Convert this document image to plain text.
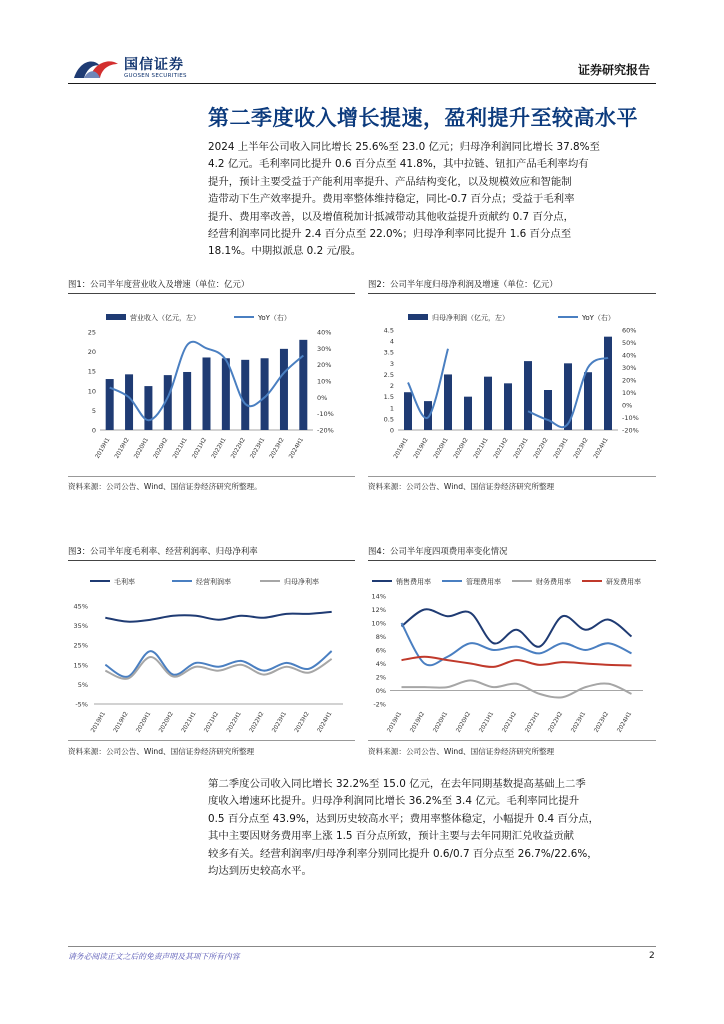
国信证券
GUOSEN SECURITIES	证券研究报告
第二季度收入增长提速，盈利提升至较高水平

2024 上半年公司收入同比增长 25.6%至 23.0 亿元；归母净利润同比增长 37.8%至

4.2 亿元。毛利率同比提升 0.6 百分点至 41.8%，其中拉链、钮扣产品毛利率均有

提升，预计主要受益于产能利用率提升、产品结构变化，以及规模效应和智能制

造带动下生产效率提升。费用率整体维持稳定，同比-0.7 百分点；受益于毛利率

提升、费用率改善，以及增值税加计抵减带动其他收益提升贡献约 0.7 百分点，

经营利润率同比提升 2.4 百分点至 22.0%；归母净利率同比提升 1.6 百分点至

18.1%。中期拟派息 0.2 元/股。

图1：公司半年度营业收入及增速（单位：亿元）
营业收入（亿元，左）	YoY（右）
0
5
10
15
20
25	40%
30%
20%
10%
0%
-10%
-20%
2019H1 2019H2 2020H1 2020H2 2021H1 2021H2 2022H1 2022H2 2023H1 2023H2 2024H1
资料来源：公司公告、Wind、国信证券经济研究所整理。
图2：公司半年度归母净利润及增速（单位：亿元）
归母净利润（亿元，左）	YoY（右）
0
0.5
1
1.5
2
2.5
3
3.5
4
4.5	60%
50%
40%
30%
20%
10%
0%
-10%
-20%
2019H1 2019H2 2020H1 2020H2 2021H1 2021H2 2022H1 2022H2 2023H1 2023H2 2024H1
资料来源：公司公告、Wind、国信证券经济研究所整理
图3：公司半年度毛利率、经营利润率、归母净利率
毛利率	经营利润率	归母净利率
45%
35%
25%
15%
5%
-5%
2019H1 2019H2 2020H1 2020H2 2021H1 2021H2 2022H1 2022H2 2023H1 2023H2 2024H1
资料来源：公司公告、Wind、国信证券经济研究所整理
图4：公司半年度四项费用率变化情况
销售费用率	管理费用率	财务费用率	研发费用率
14%
12%
10%
8%
6%
4%
2%
0%
-2%
2019H1 2019H2 2020H1 2020H2 2021H1 2021H2 2022H1 2022H2 2023H1 2023H2 2024H1
资料来源：公司公告、Wind、国信证券经济研究所整理

第二季度公司收入同比增长 32.2%至 15.0 亿元，在去年同期基数提高基础上二季

度收入增速环比提升。归母净利润同比增长 36.2%至 3.4 亿元。毛利率同比提升

0.5 百分点至 43.9%，达到历史较高水平；费用率整体稳定，小幅提升 0.4 百分点，

其中主要因财务费用率上涨 1.5 百分点所致，预计主要与去年同期汇兑收益贡献

较多有关。经营利润率/归母净利率分别同比提升 0.6/0.7 百分点至 26.7%/22.6%，

均达到历史较高水平。

请务必阅读正文之后的免责声明及其项下所有内容	2
